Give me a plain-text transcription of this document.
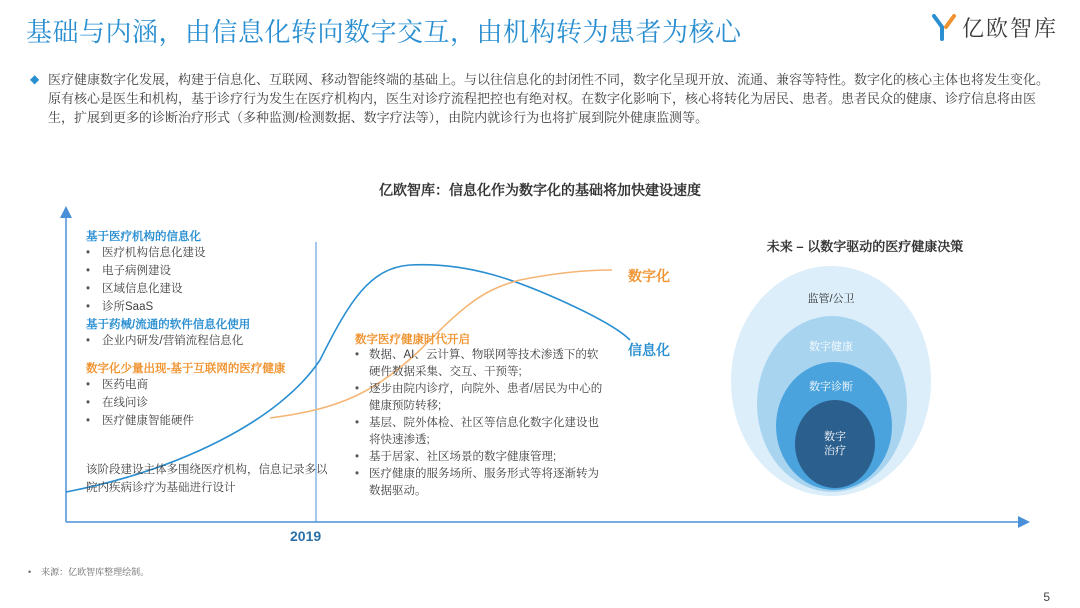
基础与内涵，由信息化转向数字交互，由机构转为患者为核心	亿欧智库
◆ 医疗健康数字化发展，构建于信息化、互联网、移动智能终端的基础上。与以往信息化的封闭性不同，数字化呈现开放、流通、兼容等特性。数字化的核心主体也将发生变化。原有核心是医生和机构，基于诊疗行为发生在医疗机构内，医生对诊疗流程把控也有绝对权。在数字化影响下，核心将转化为居民、患者。患者民众的健康、诊疗信息将由医生，扩展到更多的诊断治疗形式（多种监测/检测数据、数字疗法等），由院内就诊行为也将扩展到院外健康监测等。
亿欧智库：信息化作为数字化的基础将加快建设速度
数字化
信息化
2019
基于医疗机构的信息化
• 医疗机构信息化建设
• 电子病例建设
• 区域信息化建设
• 诊所SaaS
基于药械/流通的软件信息化使用
• 企业内研发/营销流程信息化
数字化少量出现-基于互联网的医疗健康
• 医药电商
• 在线问诊
• 医疗健康智能硬件
该阶段建设主体多围绕医疗机构，信息记录多以院内疾病诊疗为基础进行设计
数字医疗健康时代开启
• 数据、AI、云计算、物联网等技术渗透下的软硬件数据采集、交互、干预等;
• 逐步由院内诊疗，向院外、患者/居民为中心的健康预防转移;
• 基层、院外体检、社区等信息化数字化建设也将快速渗透;
• 基于居家、社区场景的数字健康管理;
• 医疗健康的服务场所、服务形式等将逐渐转为数据驱动。
未来 – 以数字驱动的医疗健康决策
监管/公卫
数字健康
数字诊断
数字
治疗
• 来源：亿欧智库整理绘制。
5
